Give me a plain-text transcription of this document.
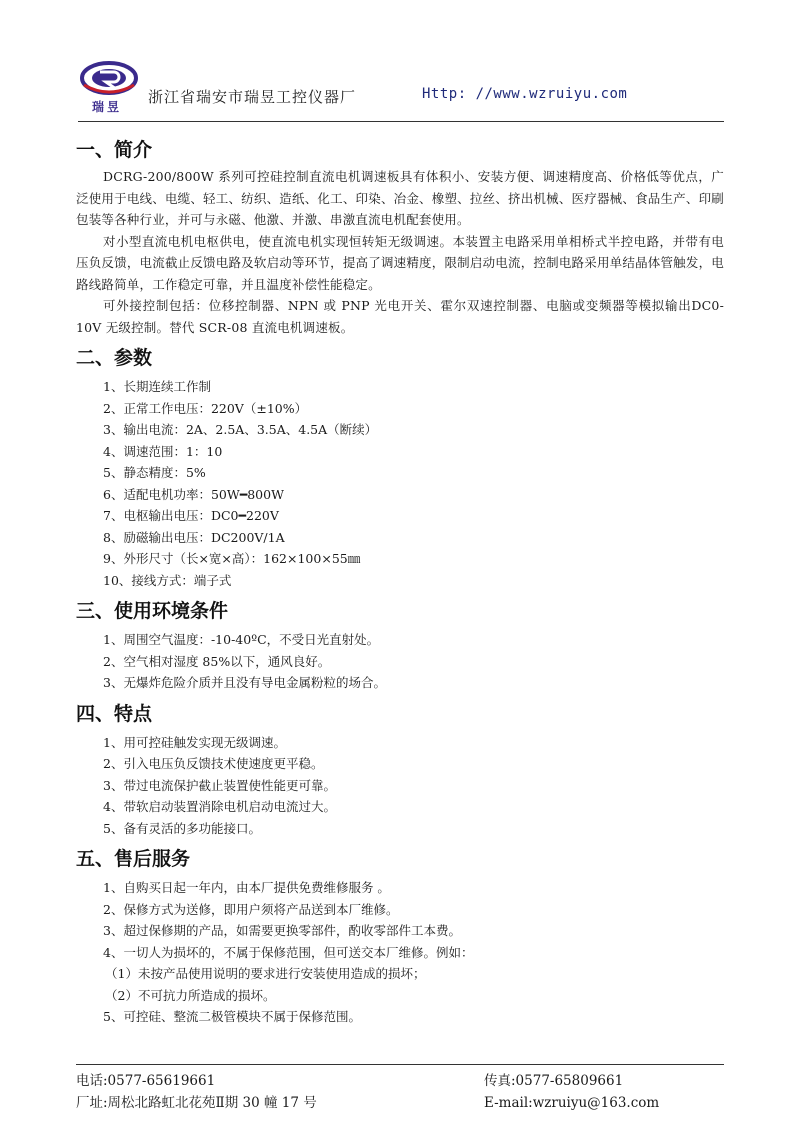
瑞昱
浙江省瑞安市瑞昱工控仪器厂	Http: //www.wzruiyu.com
一、简介

DCRG-200/800W 系列可控硅控制直流电机调速板具有体积小、安装方便、调速精度高、价格低等优点，广泛使用于电线、电缆、轻工、纺织、造纸、化工、印染、冶金、橡塑、拉丝、挤出机械、医疗器械、食品生产、印刷包装等各种行业，并可与永磁、他激、并激、串激直流电机配套使用。

对小型直流电机电枢供电，使直流电机实现恒转矩无级调速。本装置主电路采用单相桥式半控电路，并带有电压负反馈，电流截止反馈电路及软启动等环节，提高了调速精度，限制启动电流，控制电路采用单结晶体管触发，电路线路简单，工作稳定可靠，并且温度补偿性能稳定。

可外接控制包括：位移控制器、NPN 或 PNP 光电开关、霍尔双速控制器、电脑或变频器等模拟输出DC0-10V 无级控制。替代 SCR-08 直流电机调速板。

二、参数
1、长期连续工作制
2、正常工作电压：220V（±10%）
3、输出电流：2A、2.5A、3.5A、4.5A（断续）
4、调速范围：1：10
5、静态精度：5%
6、适配电机功率：50W━800W
7、电枢输出电压：DC0━220V
8、励磁输出电压：DC200V/1A
9、外形尺寸（长×宽×高）：162×100×55㎜
10、接线方式：端子式
三、使用环境条件
1、周围空气温度：-10-40ºC，不受日光直射处。
2、空气相对湿度 85%以下，通风良好。
3、无爆炸危险介质并且没有导电金属粉粒的场合。
四、特点
1、用可控硅触发实现无级调速。
2、引入电压负反馈技术使速度更平稳。
3、带过电流保护截止装置使性能更可靠。
4、带软启动装置消除电机启动电流过大。
5、备有灵活的多功能接口。
五、售后服务
1、自购买日起一年内，由本厂提供免费维修服务 。
2、保修方式为送修，即用户须将产品送到本厂维修。
3、超过保修期的产品，如需要更换零部件，酌收零部件工本费。
4、一切人为损坏的，不属于保修范围，但可送交本厂维修。例如：
（1）未按产品使用说明的要求进行安装使用造成的损坏；
（2）不可抗力所造成的损坏。
5、可控硅、整流二极管模块不属于保修范围。
电话:0577-65619661	传真:0577-65809661
厂址:周松北路虹北花苑Ⅱ期 30 幢 17 号	E-mail:wzruiyu@163.com
